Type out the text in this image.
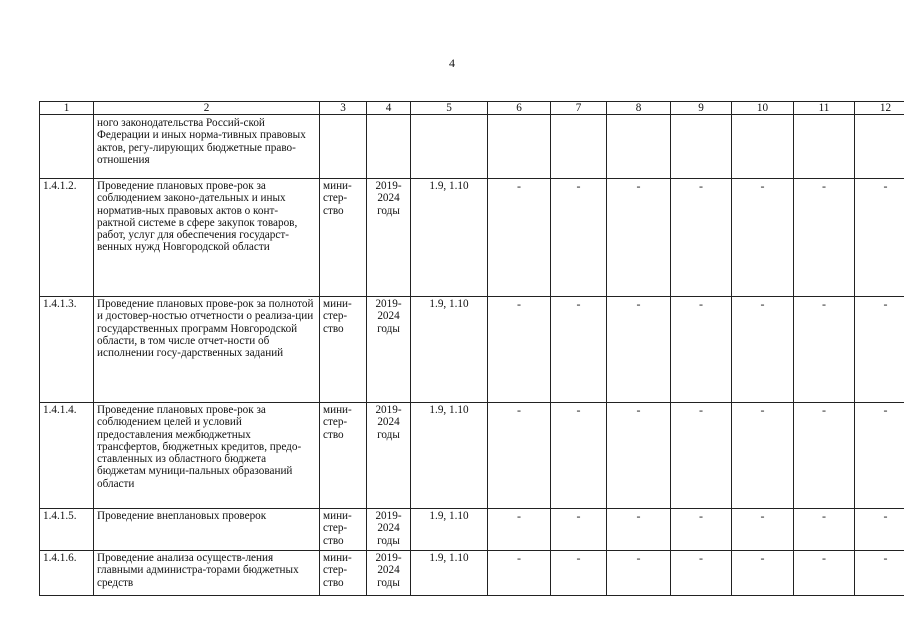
4
1	2	3	4	5	6	7	8	9	10	11	12
	ного законодательства Россий-ской Федерации и иных норма-тивных правовых актов, регу-лирующих бюджетные право-отношения										
1.4.1.2.	Проведение плановых прове-рок за соблюдением законо-дательных и иных норматив-ных правовых актов о конт-рактной системе в сфере закупок товаров, работ, услуг для обеспечения государст-венных нужд Новгородской области	мини-стер-ство	2019-2024 годы	1.9, 1.10	-	-	-	-	-	-	-
1.4.1.3.	Проведение плановых прове-рок за полнотой и достовер-ностью отчетности о реализа-ции государственных программ Новгородской области, в том числе отчет-ности об исполнении госу-дарственных заданий	мини-стер-ство	2019-2024 годы	1.9, 1.10	-	-	-	-	-	-	-
1.4.1.4.	Проведение плановых прове-рок за соблюдением целей и условий предоставления межбюджетных трансфертов, бюджетных кредитов, предо-ставленных из областного бюджета бюджетам муници-пальных образований области	мини-стер-ство	2019-2024 годы	1.9, 1.10	-	-	-	-	-	-	-
1.4.1.5.	Проведение внеплановых проверок	мини-стер-ство	2019-2024 годы	1.9, 1.10	-	-	-	-	-	-	-
1.4.1.6.	Проведение анализа осуществ-ления главными администра-торами бюджетных средств	мини-стер-ство	2019-2024 годы	1.9, 1.10	-	-	-	-	-	-	-
